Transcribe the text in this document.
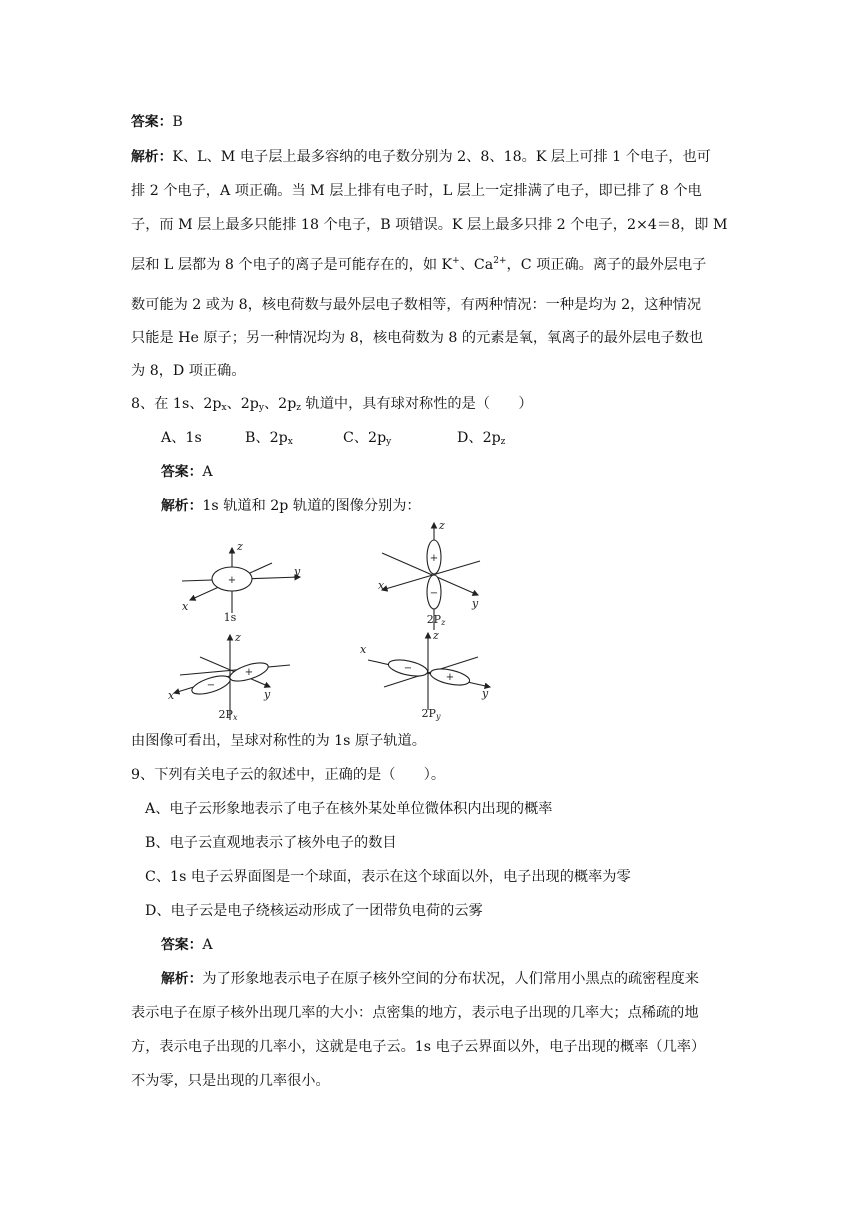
答案：B
解析：K、L、M 电子层上最多容纳的电子数分别为 2、8、18。K 层上可排 1 个电子，也可
排 2 个电子，A 项正确。当 M 层上排有电子时，L 层上一定排满了电子，即已排了 8 个电
子，而 M 层上最多只能排 18 个电子，B 项错误。K 层上最多只排 2 个电子，2×4＝8，即 M
层和 L 层都为 8 个电子的离子是可能存在的，如 K+、$Ca^{2+}$，C 项正确。离子的最外层电子
数可能为 2 或为 8，核电荷数与最外层电子数相等，有两种情况：一种是均为 2，这种情况
只能是 He 原子；另一种情况均为 8，核电荷数为 8 的元素是氧，氧离子的最外层电子数也
为 8，D 项正确。
8、在 1s、$2p_x$、$2p_y$、$2p_z$ 轨道中，具有球对称性的是（　　）
A、1s	B、$2p_x$	C、$2p_y$	D、$2p_z$
答案：A
解析：1s 轨道和 2p 轨道的图像分别为：
z
y
x
z
y
x
z
y
x
z
y
x
+
+
−
−
+	−
+
1s	2Pz
2Px	2Py
由图像可看出，呈球对称性的为 1s 原子轨道。
9、下列有关电子云的叙述中，正确的是（　　）。
A、电子云形象地表示了电子在核外某处单位微体积内出现的概率
B、电子云直观地表示了核外电子的数目
C、1s 电子云界面图是一个球面，表示在这个球面以外，电子出现的概率为零
D、电子云是电子绕核运动形成了一团带负电荷的云雾
答案：A
解析：为了形象地表示电子在原子核外空间的分布状况，人们常用小黑点的疏密程度来
表示电子在原子核外出现几率的大小：点密集的地方，表示电子出现的几率大；点稀疏的地
方，表示电子出现的几率小，这就是电子云。1s 电子云界面以外，电子出现的概率（几率）
不为零，只是出现的几率很小。
